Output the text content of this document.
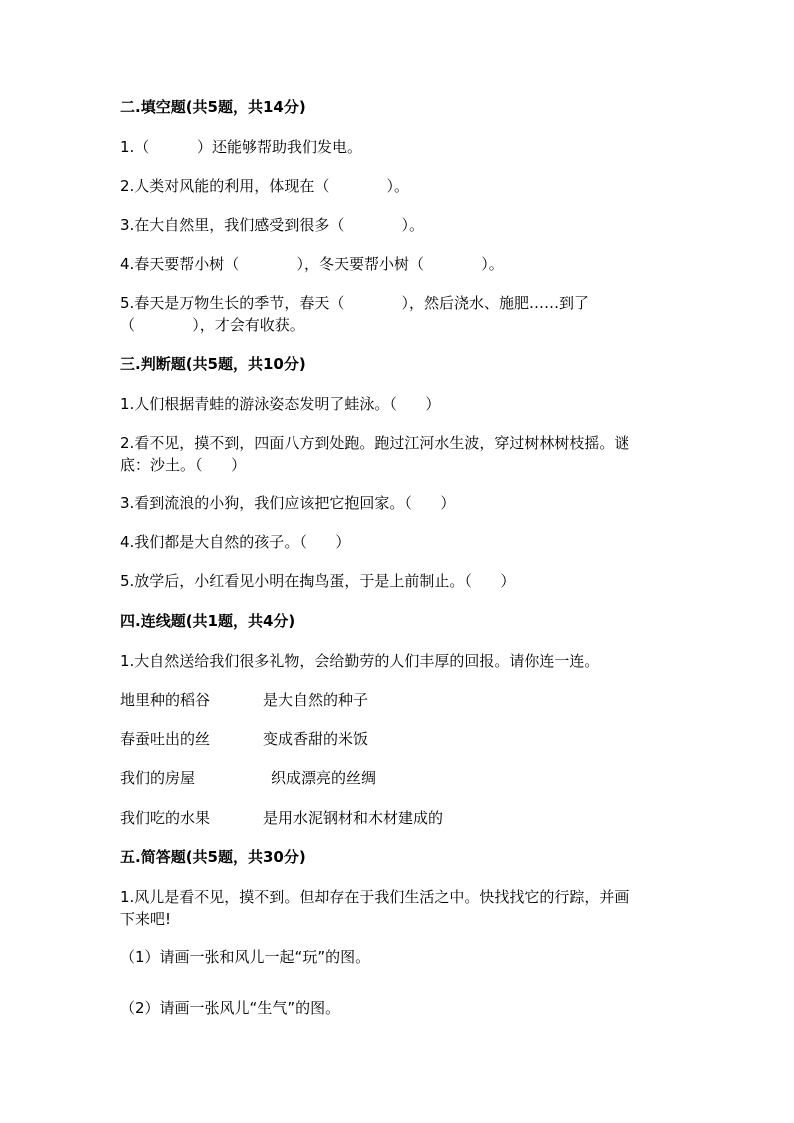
二.填空题(共5题，共14分)
1.（          ）还能够帮助我们发电。
2.人类对风能的利用，体现在（            ）。
3.在大自然里，我们感受到很多（            ）。
4.春天要帮小树（            ），冬天要帮小树（            ）。
5.春天是万物生长的季节，春天（            ），然后浇水、施肥……到了
（            ），才会有收获。
三.判断题(共5题，共10分)
1.人们根据青蛙的游泳姿态发明了蛙泳。（      ）
2.看不见，摸不到，四面八方到处跑。跑过江河水生波，穿过树林树枝摇。谜
底：沙土。（      ）
3.看到流浪的小狗，我们应该把它抱回家。（      ）
4.我们都是大自然的孩子。（      ）
5.放学后，小红看见小明在掏鸟蛋，于是上前制止。（      ）
四.连线题(共1题，共4分)
1.大自然送给我们很多礼物，会给勤劳的人们丰厚的回报。请你连一连。
地里种的稻谷	是大自然的种子
春蚕吐出的丝	变成香甜的米饭
我们的房屋	织成漂亮的丝绸
我们吃的水果	是用水泥钢材和木材建成的
五.简答题(共5题，共30分)
1.风儿是看不见，摸不到。但却存在于我们生活之中。快找找它的行踪，并画
下来吧!
（1）请画一张和风儿一起“玩”的图。
（2）请画一张风儿“生气”的图。
